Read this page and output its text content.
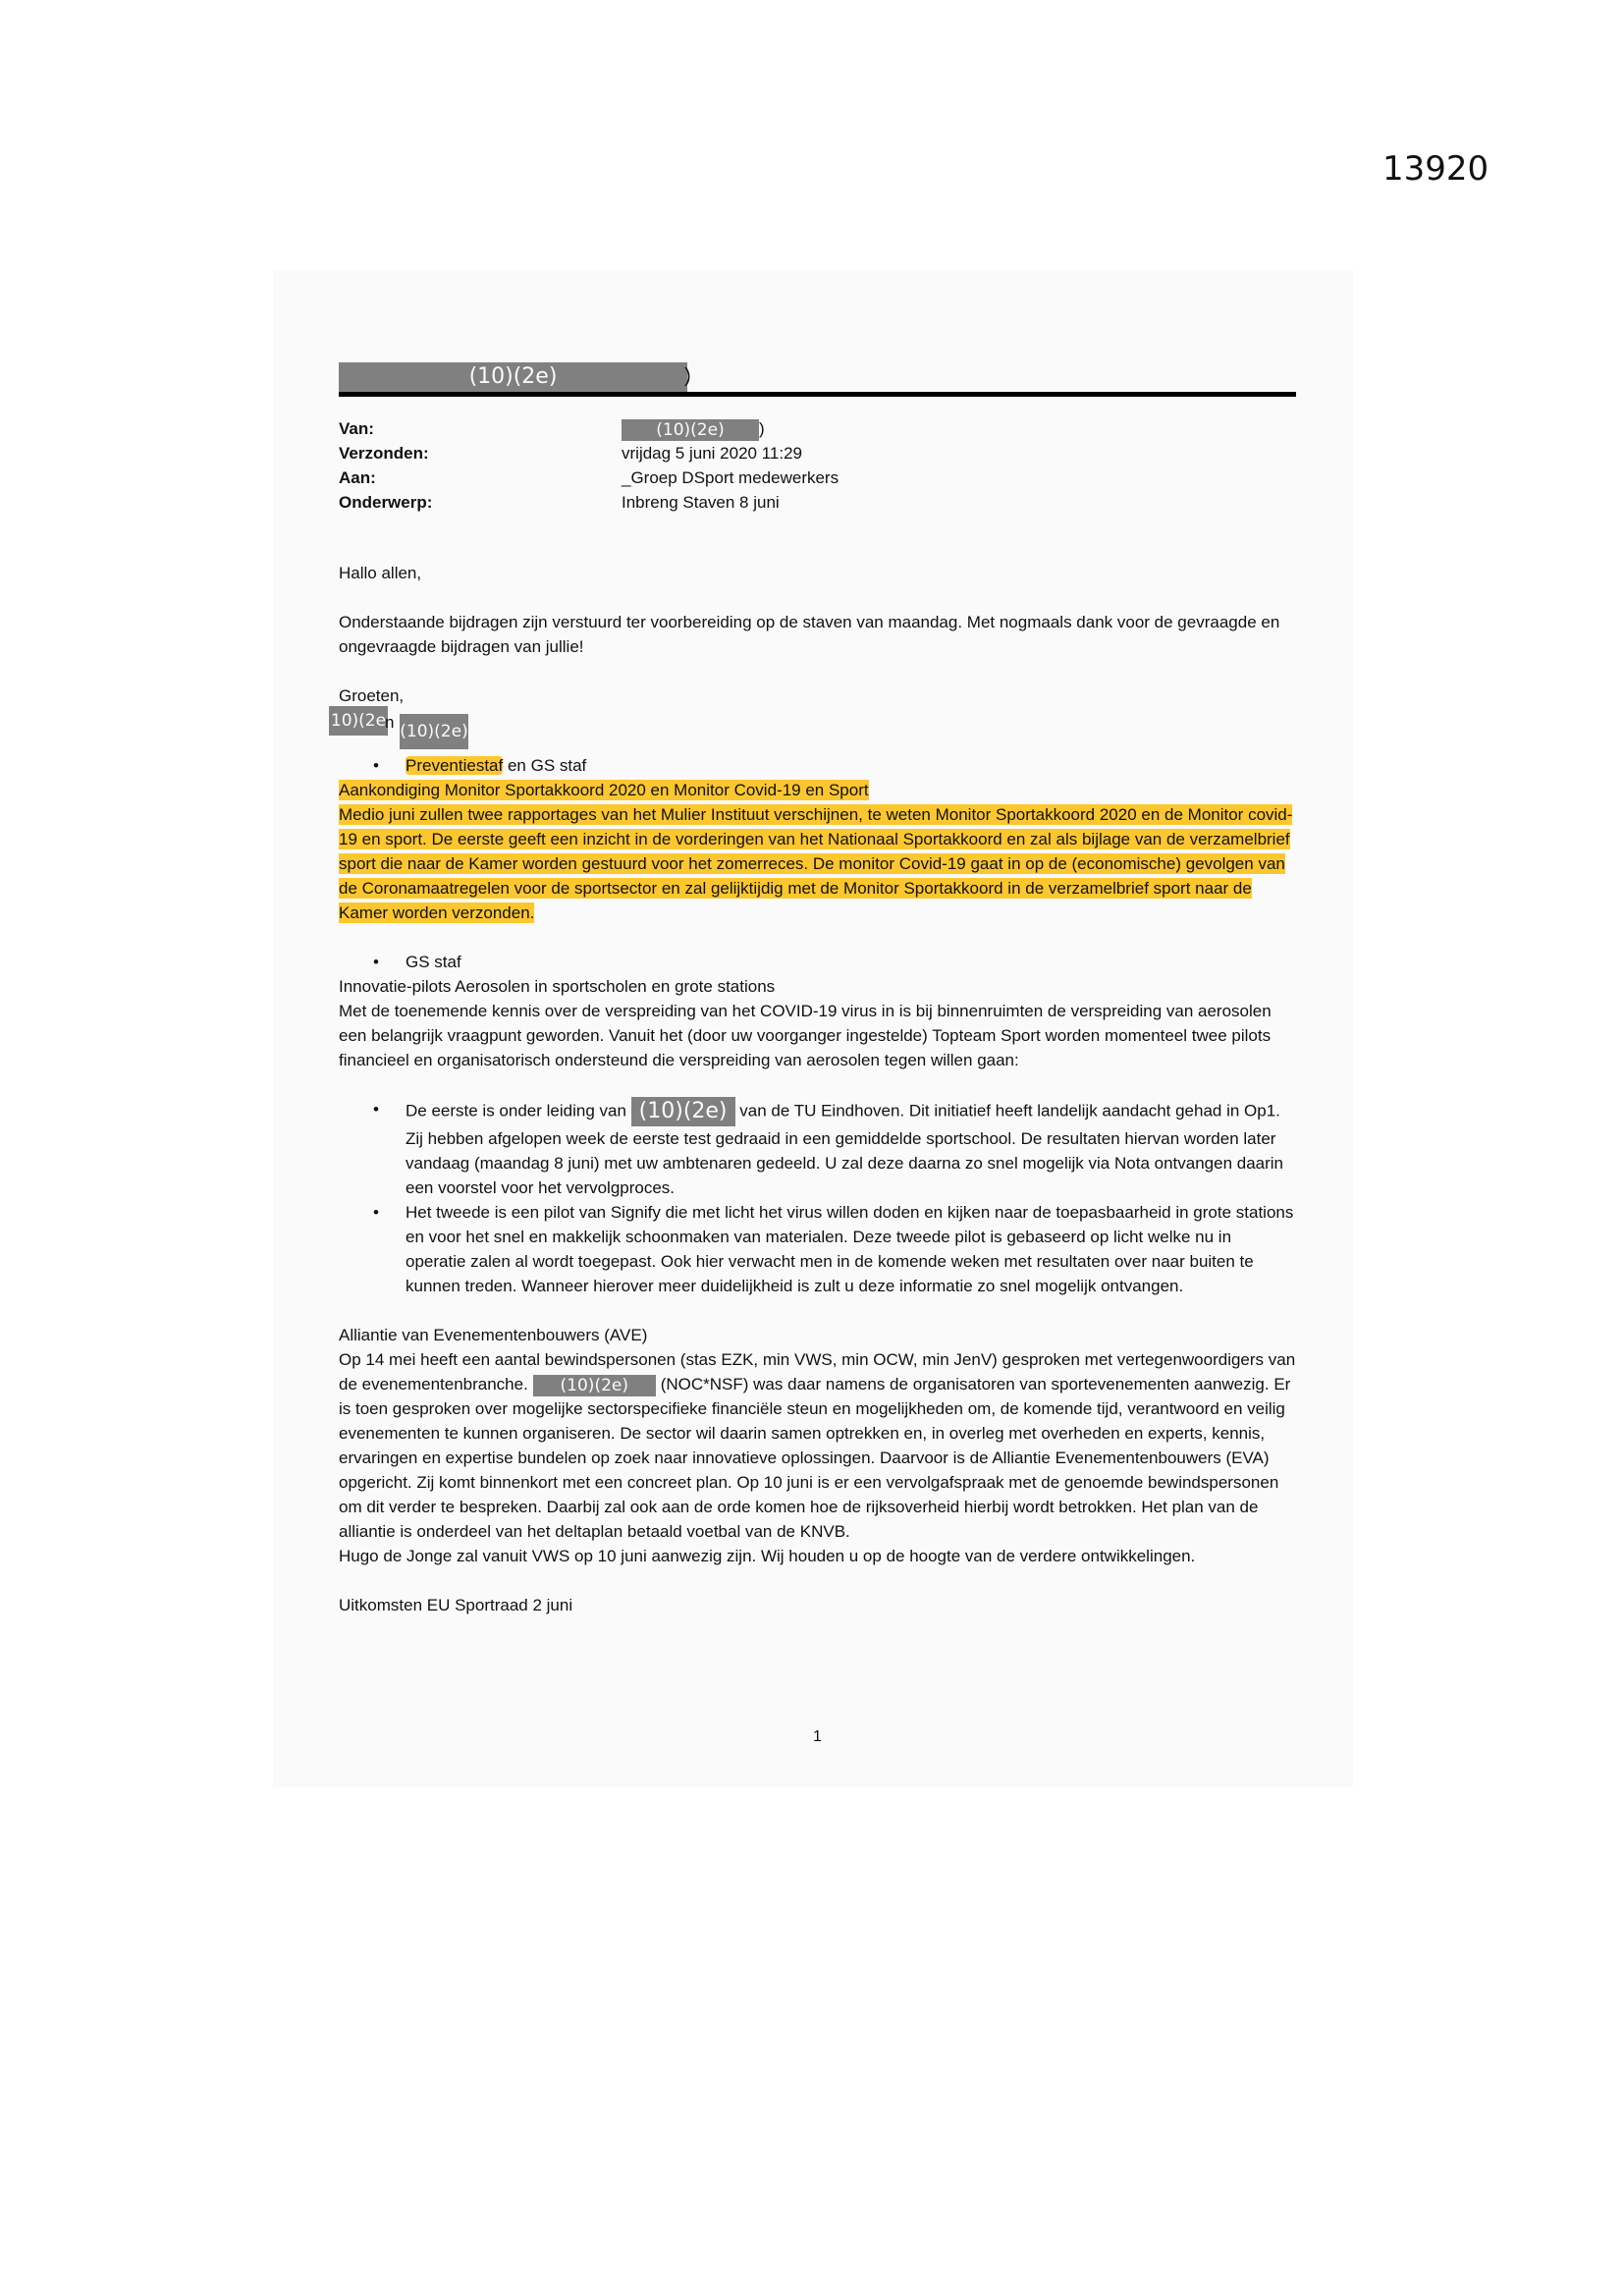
13920
(10)(2e)	)
Van:	(10)(2e) )
Verzonden:	vrijdag 5 juni 2020 11:29
Aan:	_Groep DSport medewerkers
Onderwerp:	Inbreng Staven 8 juni

Hallo allen,

Onderstaande bijdragen zijn verstuurd ter voorbereiding op de staven van maandag. Met nogmaals dank voor de gevraagde en ongevraagde bijdragen van jullie!

Groeten,

10)(2e
n (10)(2e)
• Preventiestaf en GS staf

Aankondiging Monitor Sportakkoord 2020 en Monitor Covid-19 en Sport

Medio juni zullen twee rapportages van het Mulier Instituut verschijnen, te weten Monitor Sportakkoord 2020 en de Monitor covid-19 en sport. De eerste geeft een inzicht in de vorderingen van het Nationaal Sportakkoord en zal als bijlage van de verzamelbrief sport die naar de Kamer worden gestuurd voor het zomerreces. De monitor Covid-19 gaat in op de (economische) gevolgen van de Coronamaatregelen voor de sportsector en zal gelijktijdig met de Monitor Sportakkoord in de verzamelbrief sport naar de Kamer worden verzonden.

• GS staf

Innovatie-pilots Aerosolen in sportscholen en grote stations

Met de toenemende kennis over de verspreiding van het COVID-19 virus in is bij binnenruimten de verspreiding van aerosolen een belangrijk vraagpunt geworden. Vanuit het (door uw voorganger ingestelde) Topteam Sport worden momenteel twee pilots financieel en organisatorisch ondersteund die verspreiding van aerosolen tegen willen gaan:

• De eerste is onder leiding van (10)(2e) van de TU Eindhoven. Dit initiatief heeft landelijk aandacht gehad in Op1. Zij hebben afgelopen week de eerste test gedraaid in een gemiddelde sportschool. De resultaten hiervan worden later vandaag (maandag 8 juni) met uw ambtenaren gedeeld. U zal deze daarna zo snel mogelijk via Nota ontvangen daarin een voorstel voor het vervolgproces.
• Het tweede is een pilot van Signify die met licht het virus willen doden en kijken naar de toepasbaarheid in grote stations en voor het snel en makkelijk schoonmaken van materialen. Deze tweede pilot is gebaseerd op licht welke nu in operatie zalen al wordt toegepast. Ook hier verwacht men in de komende weken met resultaten over naar buiten te kunnen treden. Wanneer hierover meer duidelijkheid is zult u deze informatie zo snel mogelijk ontvangen.

Alliantie van Evenementenbouwers (AVE)

Op 14 mei heeft een aantal bewindspersonen (stas EZK, min VWS, min OCW, min JenV) gesproken met vertegenwoordigers van de evenementenbranche. (10)(2e) (NOC*NSF) was daar namens de organisatoren van sportevenementen aanwezig. Er is toen gesproken over mogelijke sectorspecifieke financiële steun en mogelijkheden om, de komende tijd, verantwoord en veilig evenementen te kunnen organiseren. De sector wil daarin samen optrekken en, in overleg met overheden en experts, kennis, ervaringen en expertise bundelen op zoek naar innovatieve oplossingen. Daarvoor is de Alliantie Evenementenbouwers (EVA) opgericht. Zij komt binnenkort met een concreet plan. Op 10 juni is er een vervolgafspraak met de genoemde bewindspersonen om dit verder te bespreken. Daarbij zal ook aan de orde komen hoe de rijksoverheid hierbij wordt betrokken. Het plan van de alliantie is onderdeel van het deltaplan betaald voetbal van de KNVB.

Hugo de Jonge zal vanuit VWS op 10 juni aanwezig zijn. Wij houden u op de hoogte van de verdere ontwikkelingen.

Uitkomsten EU Sportraad 2 juni

1
